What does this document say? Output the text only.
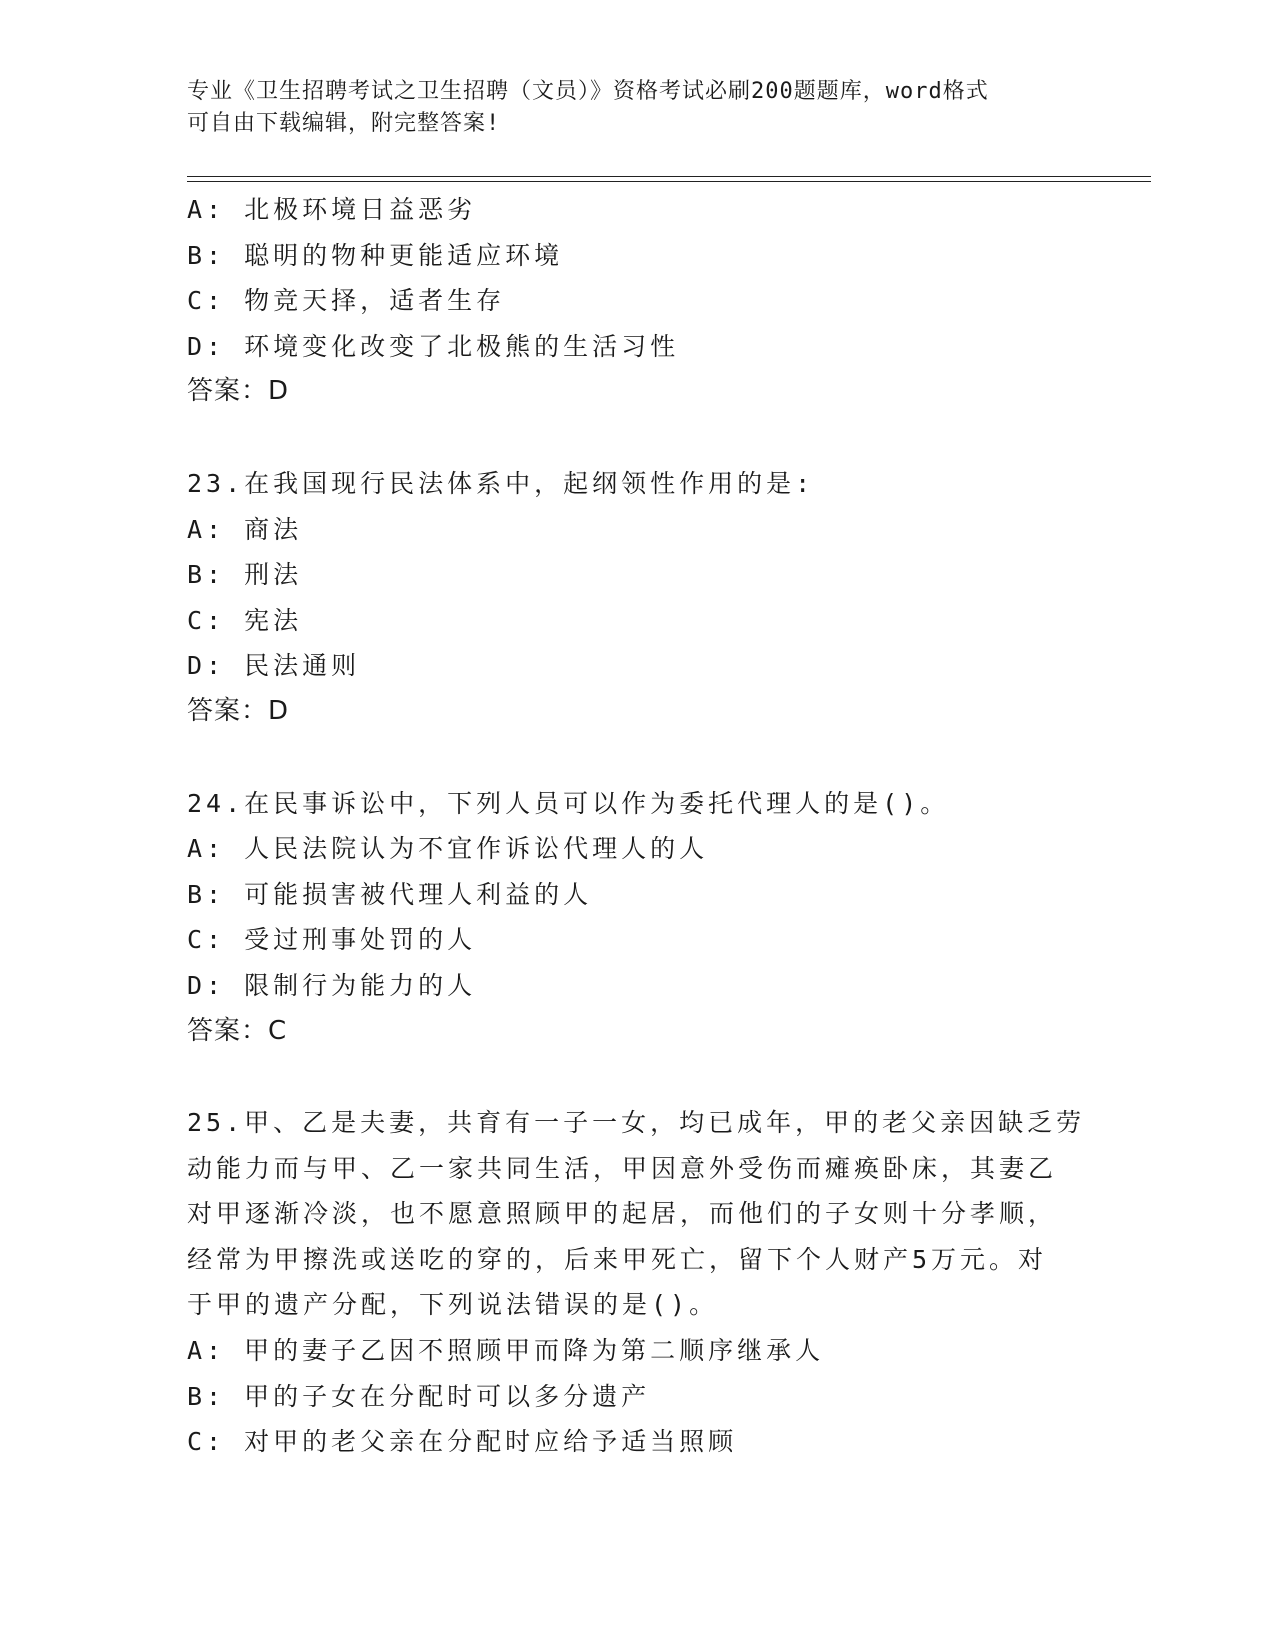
专业《卫生招聘考试之卫生招聘（文员）》资格考试必刷200题题库，word格式
可自由下载编辑，附完整答案!
A: 北极环境日益恶劣
B: 聪明的物种更能适应环境
C: 物竞天择，适者生存
D: 环境变化改变了北极熊的生活习性
答案：D
23.在我国现行民法体系中，起纲领性作用的是:
A: 商法
B: 刑法
C: 宪法
D: 民法通则
答案：D
24.在民事诉讼中，下列人员可以作为委托代理人的是()。
A: 人民法院认为不宜作诉讼代理人的人
B: 可能损害被代理人利益的人
C: 受过刑事处罚的人
D: 限制行为能力的人
答案：C
25.甲、乙是夫妻，共育有一子一女，均已成年，甲的老父亲因缺乏劳
动能力而与甲、乙一家共同生活，甲因意外受伤而瘫痪卧床，其妻乙
对甲逐渐冷淡，也不愿意照顾甲的起居，而他们的子女则十分孝顺，
经常为甲擦洗或送吃的穿的，后来甲死亡，留下个人财产5万元。对
于甲的遗产分配，下列说法错误的是()。
A: 甲的妻子乙因不照顾甲而降为第二顺序继承人
B: 甲的子女在分配时可以多分遗产
C: 对甲的老父亲在分配时应给予适当照顾
